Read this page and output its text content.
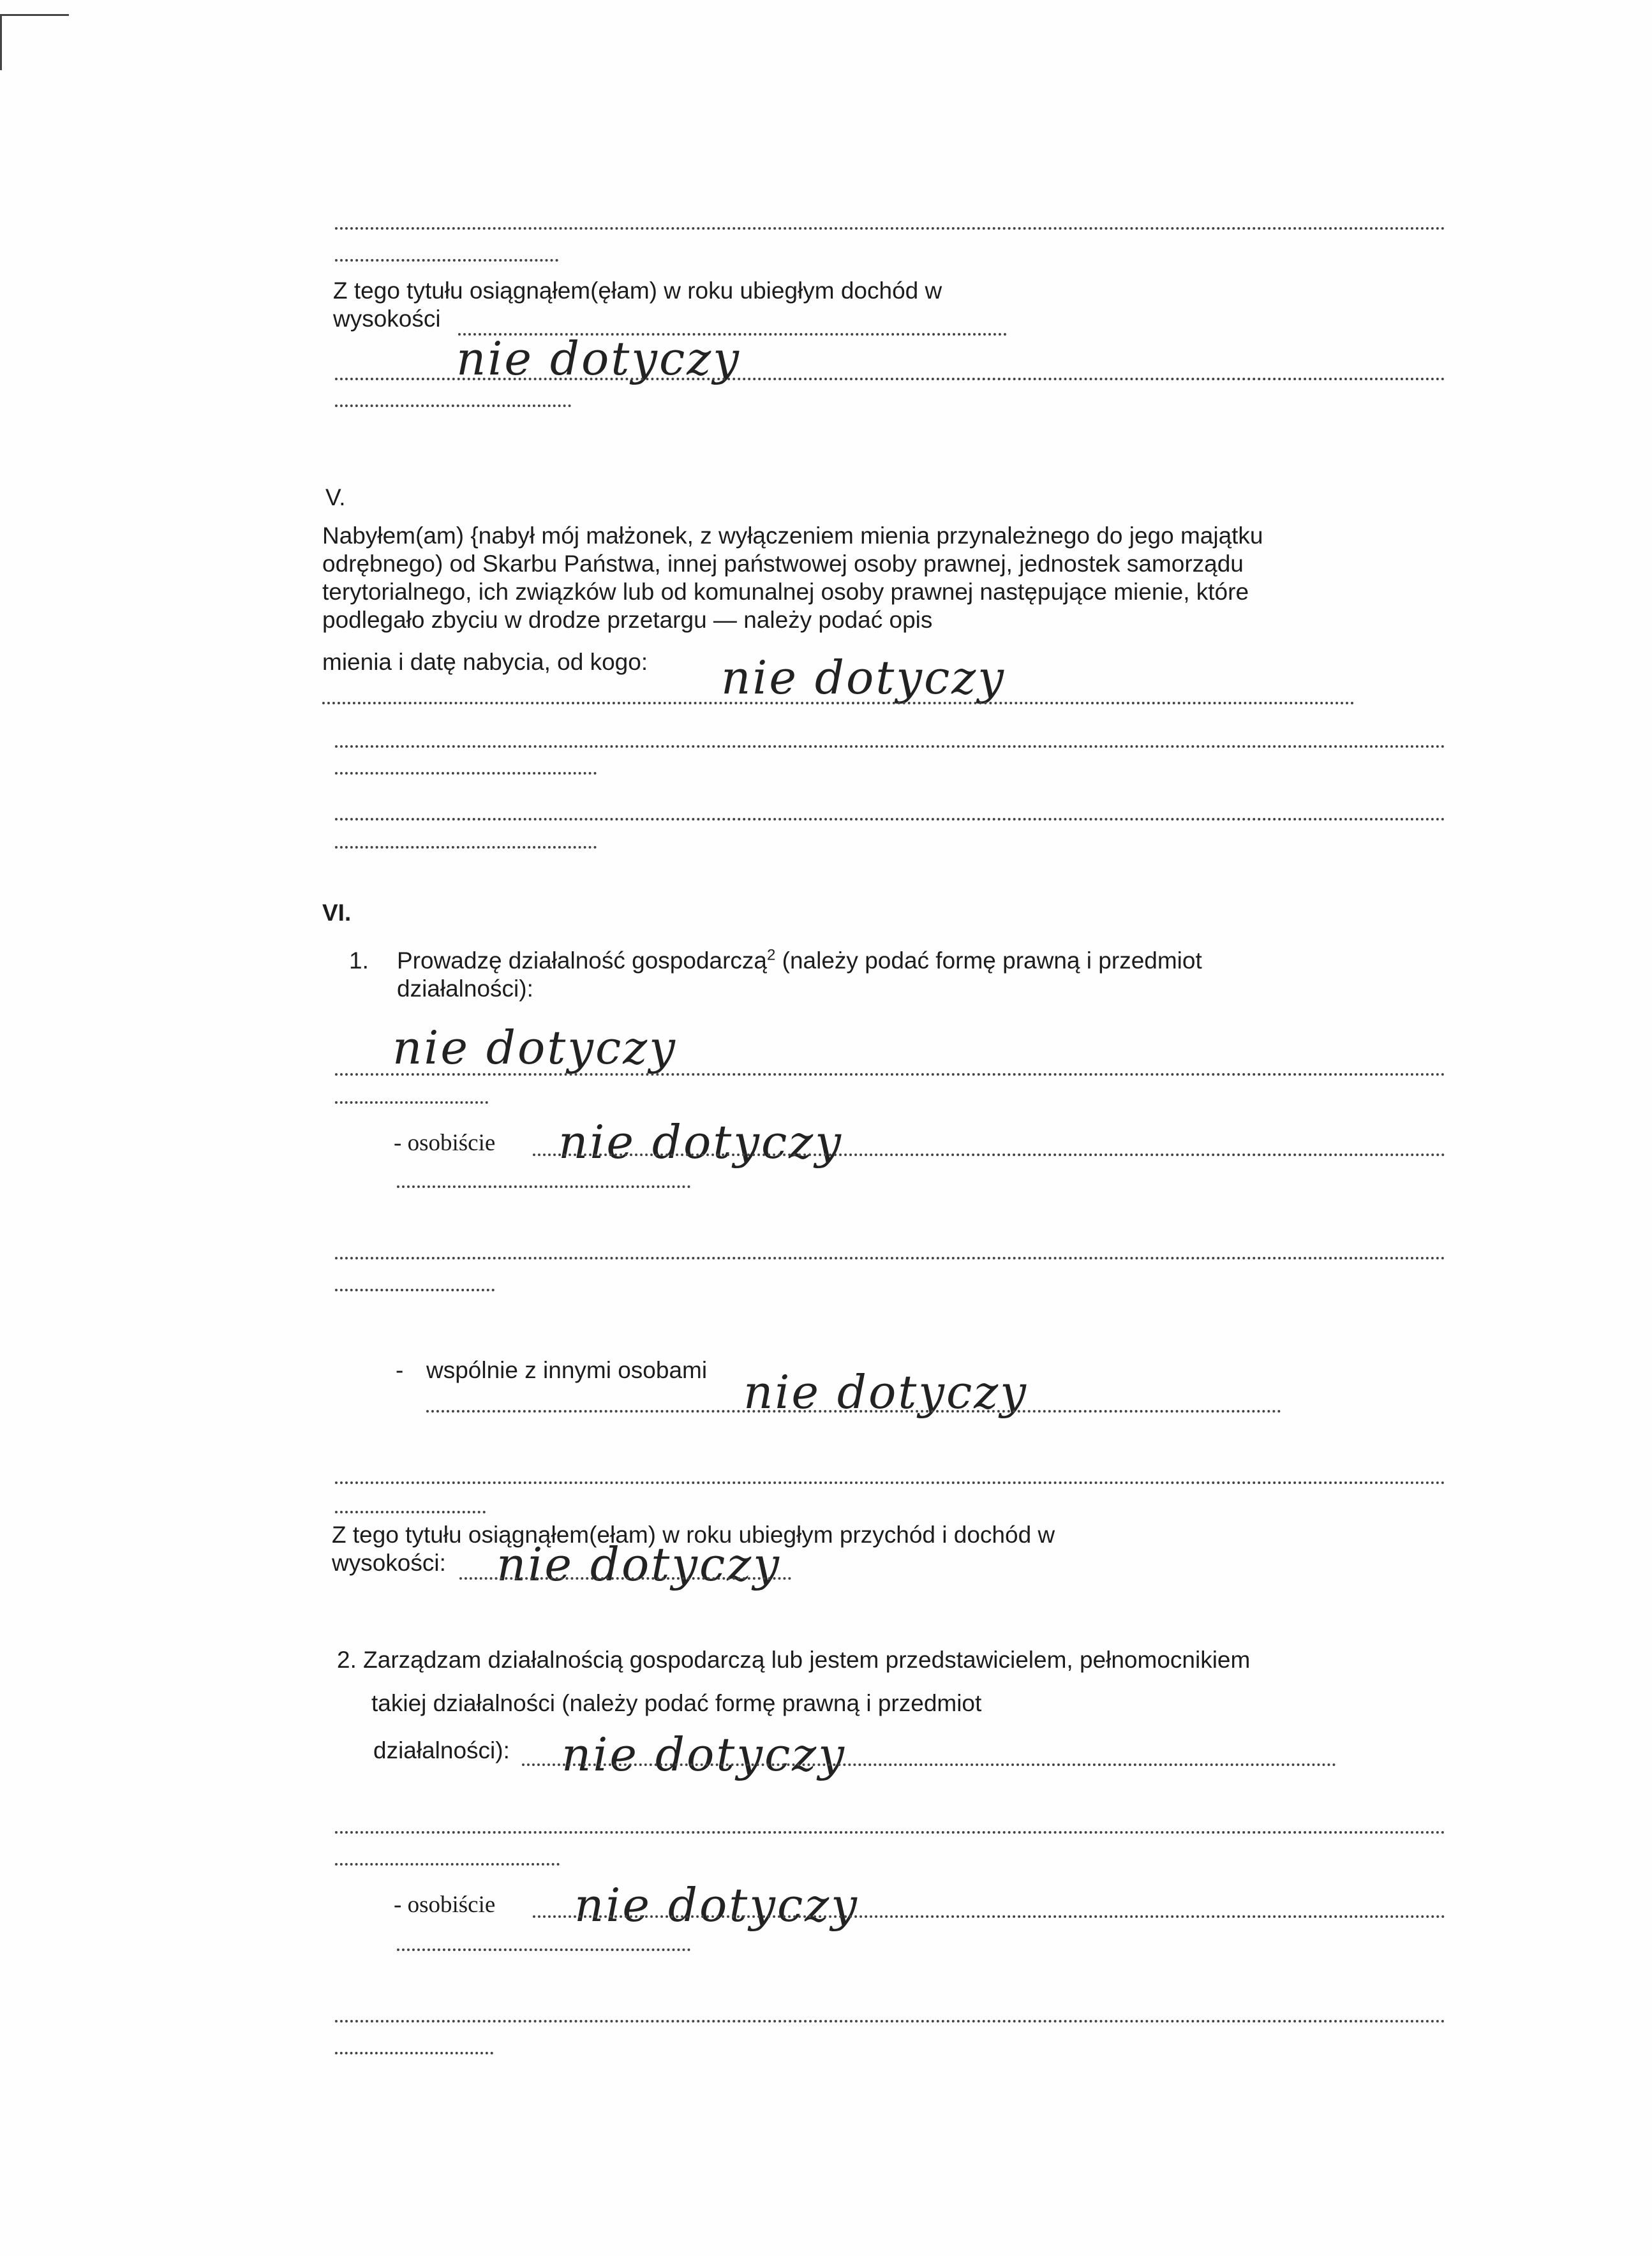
Z tego tytułu osiągnąłem(ęłam) w roku ubiegłym dochód w
wysokości
nie dotyczy
V.
Nabyłem(am) {nabył mój małżonek, z wyłączeniem mienia przynależnego do jego majątku
odrębnego) od Skarbu Państwa, innej państwowej osoby prawnej, jednostek samorządu
terytorialnego, ich związków lub od komunalnej osoby prawnej następujące mienie, które
podlegało zbyciu w drodze przetargu — należy podać opis
mienia i datę nabycia, od kogo: nie dotyczy
VI.
1. Prowadzę działalność gospodarczą$^2$ (należy podać formę prawną i przedmiot
działalności):
nie dotyczy
- osobiście nie dotyczy
- wspólnie z innymi osobami nie dotyczy
Z tego tytułu osiągnąłem(ełam) w roku ubiegłym przychód i dochód w
wysokości: nie dotyczy
2. Zarządzam działalnością gospodarczą lub jestem przedstawicielem, pełnomocnikiem
takiej działalności (należy podać formę prawną i przedmiot
działalności): nie dotyczy
- osobiście nie dotyczy
